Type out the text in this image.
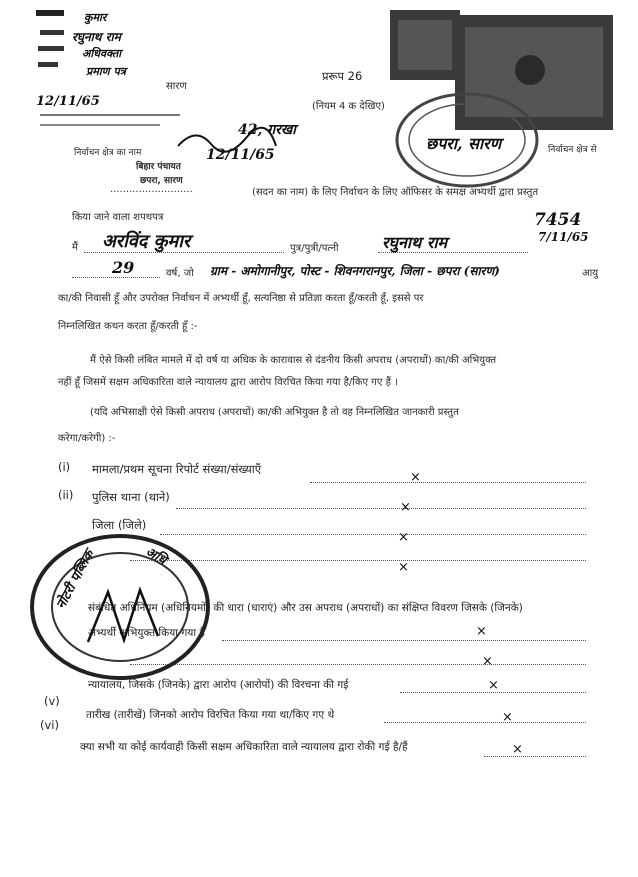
कुमार
रघुनाथ राम
अधिवक्ता
प्रमाण पत्र
सारण
12/11/65
प्ररूप 26
(नियम 4 क देखिए)
निर्वाचन क्षेत्र से
छपरा, सारण
42, गरखा
12/11/65
निर्वाचन क्षेत्र का नाम
बिहार पंचायत
छपरा, सारण
..........................	(सदन का नाम) के लिए निर्वाचन के लिए ऑफिसर के समक्ष अभ्यर्थी द्वारा प्रस्तुत
किया जाने वाला शपथपत्र	7454
7/11/65
मैं अरविंद कुमार	पुत्र/पुत्री/पत्नी	रघुनाथ राम
29	वर्ष, जो ग्राम - अमोगानीपुर, पोस्ट - शिवनगरानपुर, जिला - छपरा (सारण)	आयु
का/की निवासी हूँ और उपरोक्त निर्वाचन में अभ्यर्थी हूँ, सत्यनिष्ठा से प्रतिज्ञा करता हूँ/करती हूँ, इससे पर
निम्नलिखित कथन करता हूँ/करती हूँ :-
मैं ऐसे किसी लंबित मामले में दो वर्ष या अधिक के कारावास से दंडनीय किसी अपराध (अपराधों) का/की अभियुक्त
नहीं हूँ जिसमें सक्षम अधिकारिता वाले न्यायालय द्वारा आरोप विरचित किया गया है/किए गए हैं ।
(यदि अभिसाक्षी ऐसे किसी अपराध (अपराधों) का/की अभियुक्त है तो वह निम्नलिखित जानकारी प्रस्तुत
करेगा/करेगी) :-
(i) मामला/प्रथम सूचना रिपोर्ट संख्या/संख्याएँ
×
(ii) पुलिस थाना (थाने)
×
जिला (जिले)
×
×
संबंधित अधिनियम (अधिनियमों) की धारा (धाराएं) और उस अपराध (अपराधों) का संक्षिप्त विवरण जिसके (जिनके)
अभ्यर्थी अभियुक्त किया गया है	×
×
न्यायालय, जिसके (जिनके) द्वारा आरोप (आरोपों) की विरचना की गई	×
(v)
तारीख (तारीखें) जिनको आरोप विरचित किया गया था/किए गए थे	×
(vi)
क्या सभी या कोई कार्यवाही किसी सक्षम अधिकारिता वाले न्यायालय द्वारा रोकी गई है/हैं	×
नोटरी पब्लिक	अधि
